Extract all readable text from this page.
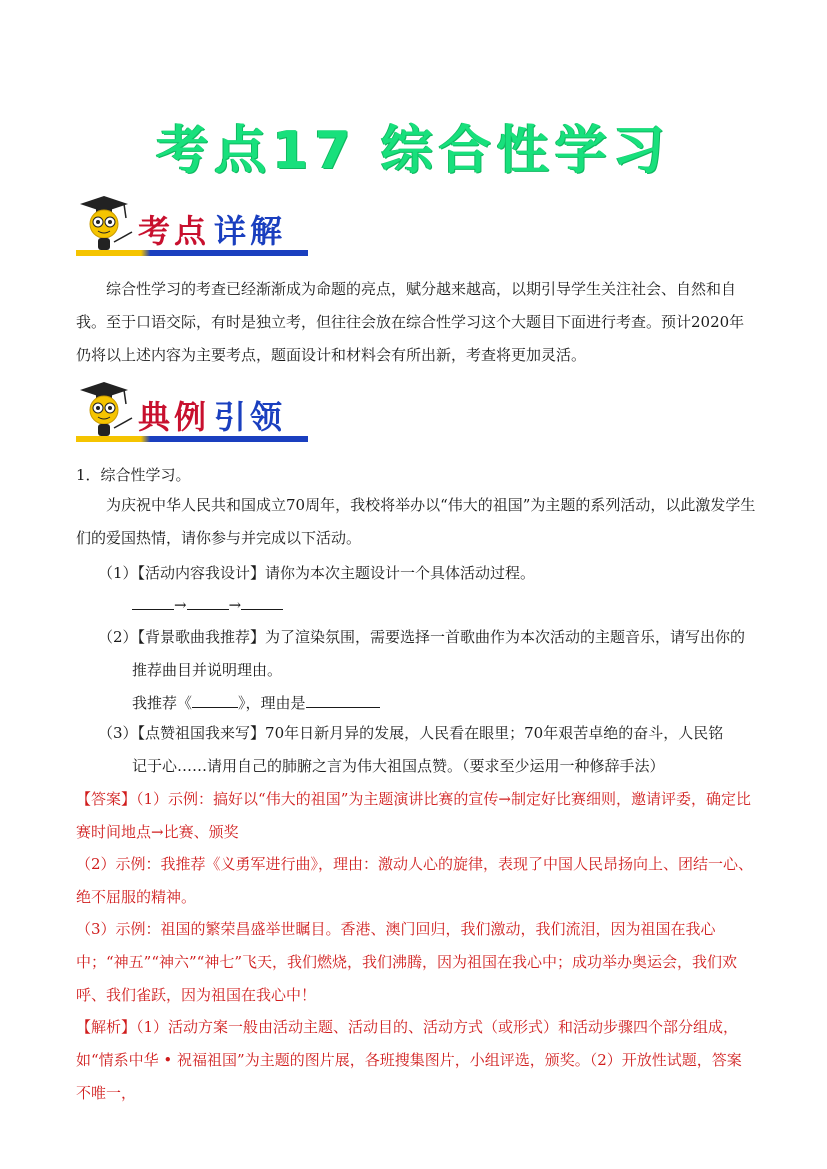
考点17 综合性学习
考点 详解

综合性学习的考查已经渐渐成为命题的亮点，赋分越来越高，以期引导学生关注社会、自然和自我。至于口语交际，有时是独立考，但往往会放在综合性学习这个大题目下面进行考查。预计2020年仍将以上述内容为主要考点，题面设计和材料会有所出新，考查将更加灵活。

典例 引领

1．综合性学习。

为庆祝中华人民共和国成立70周年，我校将举办以“伟大的祖国”为主题的系列活动，以此激发学生们的爱国热情，请你参与并完成以下活动。

（1）【活动内容我设计】请你为本次主题设计一个具体活动过程。

→	→

（2）【背景歌曲我推荐】为了渲染氛围，需要选择一首歌曲作为本次活动的主题音乐，请写出你的推荐曲目并说明理由。

我推荐《	》，理由是

（3）【点赞祖国我来写】70年日新月异的发展，人民看在眼里；70年艰苦卓绝的奋斗，人民铭记于心……请用自己的肺腑之言为伟大祖国点赞。（要求至少运用一种修辞手法）

【答案】（1）示例：搞好以“伟大的祖国”为主题演讲比赛的宣传→制定好比赛细则，邀请评委，确定比赛时间地点→比赛、颁奖

（2）示例：我推荐《义勇军进行曲》，理由：激动人心的旋律，表现了中国人民昂扬向上、团结一心、绝不屈服的精神。

（3）示例：祖国的繁荣昌盛举世瞩目。香港、澳门回归，我们激动，我们流泪，因为祖国在我心中；“神五”“神六”“神七”飞天，我们燃烧，我们沸腾，因为祖国在我心中；成功举办奥运会，我们欢呼、我们雀跃，因为祖国在我心中！

【解析】（1）活动方案一般由活动主题、活动目的、活动方式（或形式）和活动步骤四个部分组成，如“情系中华 • 祝福祖国”为主题的图片展，各班搜集图片，小组评选，颁奖。（2）开放性试题，答案不唯一，
